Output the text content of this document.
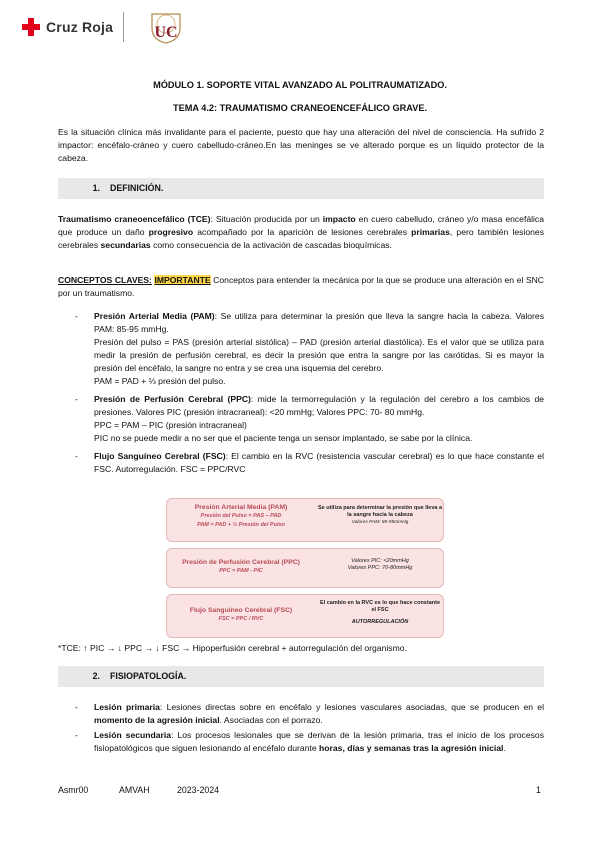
Cruz Roja	UC
MÓDULO 1. SOPORTE VITAL AVANZADO AL POLITRAUMATIZADO.
TEMA 4.2: TRAUMATISMO CRANEOENCEFÁLICO GRAVE.
Es la situación clínica más invalidante para el paciente, puesto que hay una alteración del nivel de consciencia. Ha sufrido 2 impactor: encéfalo-cráneo y cuero cabelludo-cráneo.En las meninges se ve alterado porque es un líquido protector de la cabeza.
1. DEFINICIÓN.
Traumatismo craneoencefálico (TCE): Situación producida por un impacto en cuero cabelludo, cráneo y/o masa encefálica que produce un daño progresivo acompañado por la aparición de lesiones cerebrales primarias, pero también lesiones cerebrales secundarias como consecuencia de la activación de cascadas bioquímicas.
CONCEPTOS CLAVES: IMPORTANTE Conceptos para entender la mecánica por la que se produce una alteración en el SNC por un traumatismo.
- Presión Arterial Media (PAM): Se utiliza para determinar la presión que lleva la sangre hacia la cabeza. Valores PAM: 85-95 mmHg.
Presión del pulso = PAS (presión arterial sistólica) – PAD (presión arterial diastólica). Es el valor que se utiliza para medir la presión de perfusión cerebral, es decir la presión que entra la sangre por las carótidas. Si es mayor la presión del encéfalo, la sangre no entra y se crea una isquemia del cerebro.
PAM = PAD + ⅓ presión del pulso.
- Presión de Perfusión Cerebral (PPC): mide la termorregulación y la regulación del cerebro a los cambios de presiones. Valores PIC (presión intracraneal): <20 mmHg; Valores PPC: 70- 80 mmHg.
PPC = PAM – PIC (presión intracraneal)
PIC no se puede medir a no ser que el paciente tenga un sensor implantado, se sabe por la clínica.
- Flujo Sanguíneo Cerebral (FSC): El cambio en la RVC (resistencia vascular cerebral) es lo que hace constante el FSC. Autorregulación. FSC = PPC/RVC
Presión Arterial Media (PAM)
Presión del Pulso = PAS – PAD
PAM = PAD + ⅓ Presión del Pulso
Se utiliza para determinar la presión que lleva a la sangre hacia la cabeza
Valores PAM: 85-95mmHg
Presión de Perfusión Cerebral (PPC)
PPC = PAM - PIC
Valores PIC: <20mmHg
Valores PPC: 70-80mmHg
Flujo Sanguíneo Cerebral (FSC)
FSC = PPC / RVC
El cambio en la RVC es lo que hace constante el FSC
AUTORREGULACIÓN
*TCE: ↑ PIC → ↓ PPC → ↓ FSC → Hipoperfusión cerebral + autorregulación del organismo.
2. FISIOPATOLOGÍA.
- Lesión primaria: Lesiones directas sobre en encéfalo y lesiones vasculares asociadas, que se producen en el momento de la agresión inicial. Asociadas con el porrazo.
- Lesión secundaria: Los procesos lesionales que se derivan de la lesión primaria, tras el inicio de los procesos fisiopatológicos que siguen lesionando al encéfalo durante horas, días y semanas tras la agresión inicial.
Asmr00	AMVAH	2023-2024	1
